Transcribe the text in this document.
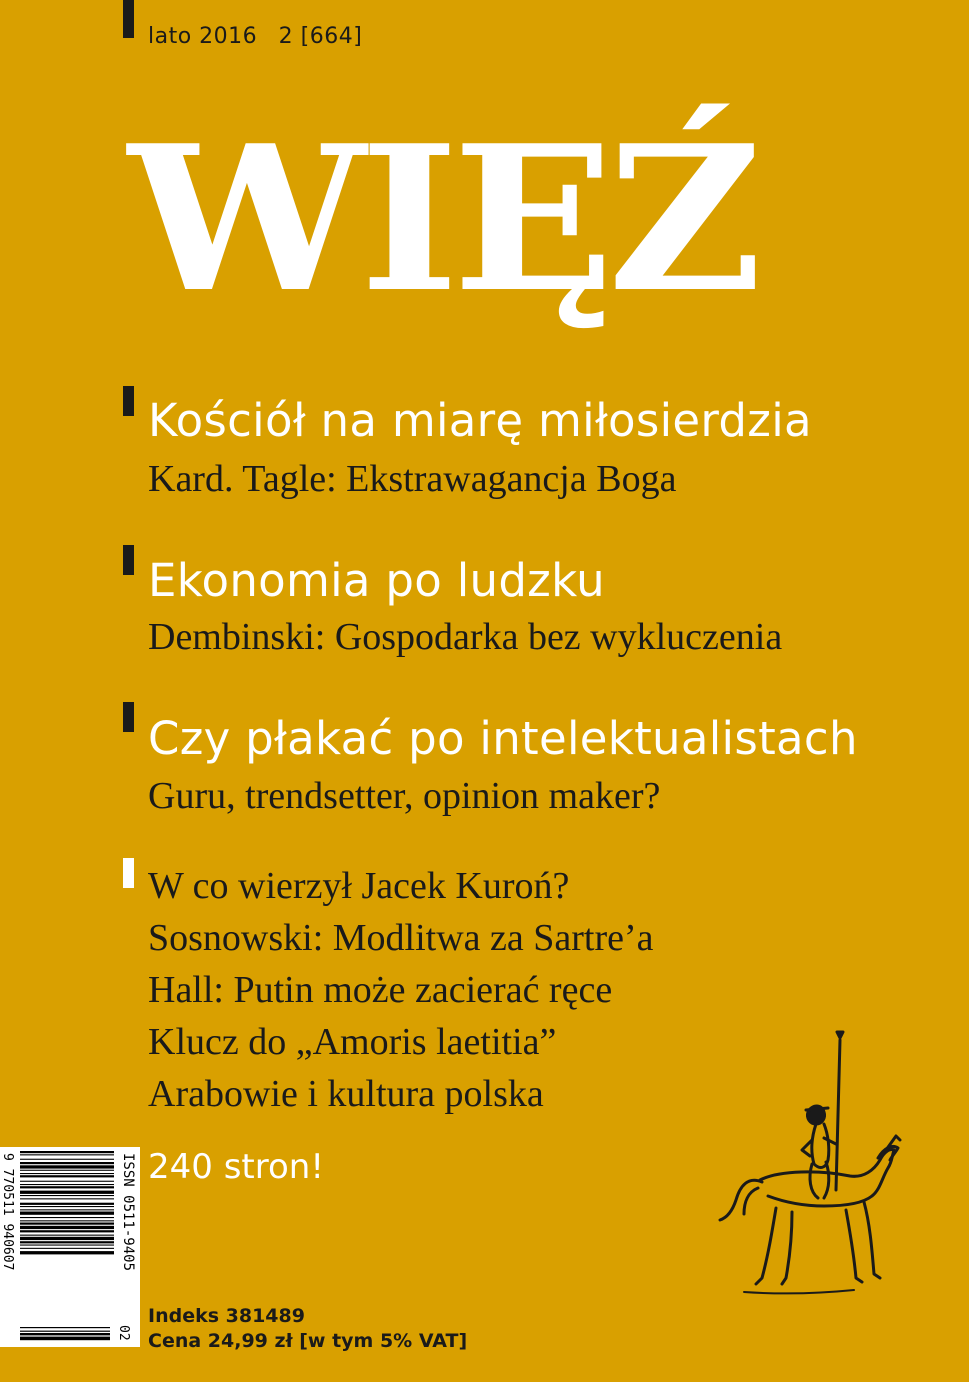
lato 2016 2 [664]
WIĘŹ
Kościół na miarę miłosierdzia
Kard. Tagle: Ekstrawagancja Boga
Ekonomia po ludzku
Dembinski: Gospodarka bez wykluczenia
Czy płakać po intelektualistach
Guru, trendsetter, opinion maker?
W co wierzył Jacek Kuroń?
Sosnowski: Modlitwa za Sartre’a
Hall: Putin może zacierać ręce
Klucz do „Amoris laetitia”
Arabowie i kultura polska
240 stron!
ISSN 0511-9405
9 770511 940607
02
Indeks 381489
Cena 24,99 zł [w tym 5% VAT]
